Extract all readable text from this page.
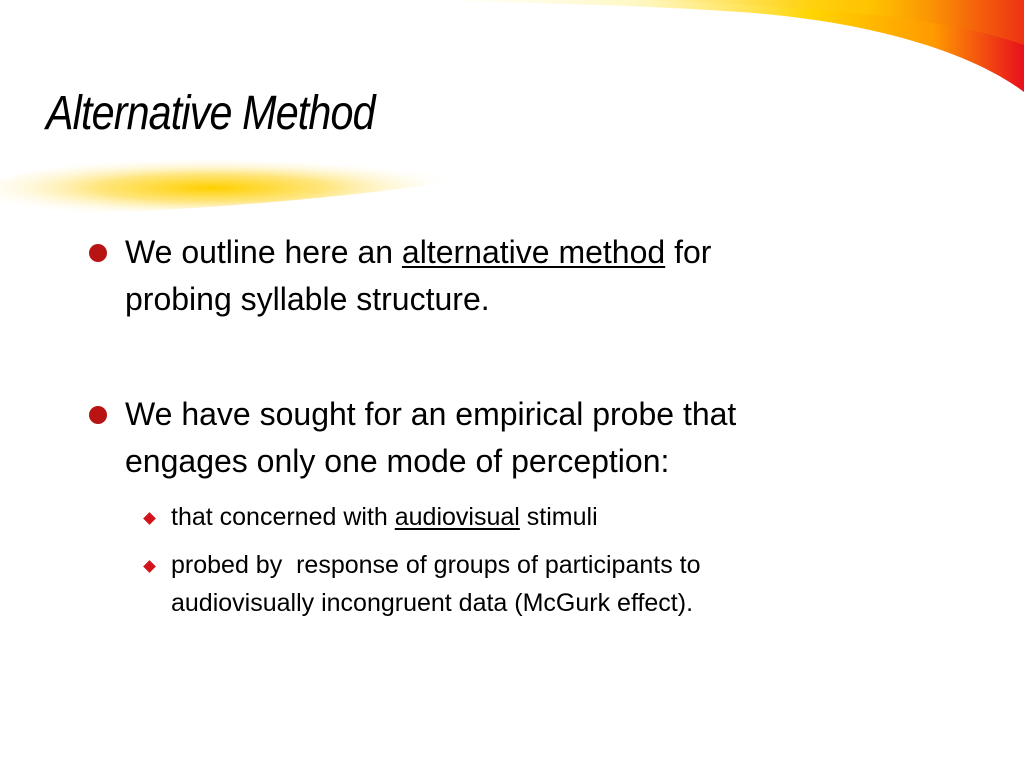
Alternative Method
We outline here an alternative method for
probing syllable structure.
We have sought for an empirical probe that
engages only one mode of perception:
that concerned with audiovisual stimuli
probed by  response of groups of participants to
audiovisually incongruent data (McGurk effect).
